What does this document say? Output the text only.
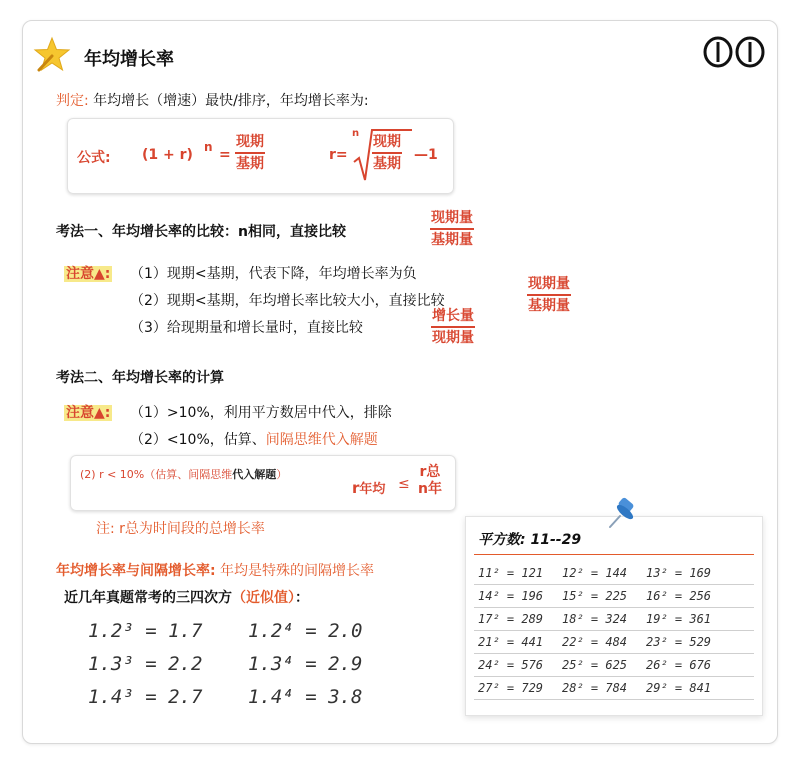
年均增长率
判定: 年均增长（增速）最快/排序，年均增长率为:
公式: (1 + r) n =
现期
基期
r=
n
现期
基期
—1
考法一、年均增长率的比较：n相同，直接比较
现期量
基期量
注意▲: （1）现期<基期，代表下降，年均增长率为负
（2）现期<基期，年均增长率比较大小，直接比较
现期量
基期量
（3）给现期量和增长量时，直接比较
增长量
现期量
考法二、年均增长率的计算
注意▲: （1）>10%，利用平方数居中代入，排除
（2）<10%，估算、间隔思维代入解题
(2) r < 10%（估算、间隔思维代入解题）
r年均 ≤
r总
n年
注: r总为时间段的总增长率
年均增长率与间隔增长率: 年均是特殊的间隔增长率
近几年真题常考的三四次方（近似值）：
1.2³ = 1.7 1.2⁴ = 2.0
1.3³ = 2.2 1.3⁴ = 2.9
1.4³ = 2.7 1.4⁴ = 3.8
平方数: 11--29
11² = 121 12² = 144 13² = 169
14² = 196 15² = 225 16² = 256
17² = 289 18² = 324 19² = 361
21² = 441 22² = 484 23² = 529
24² = 576 25² = 625 26² = 676
27² = 729 28² = 784 29² = 841
